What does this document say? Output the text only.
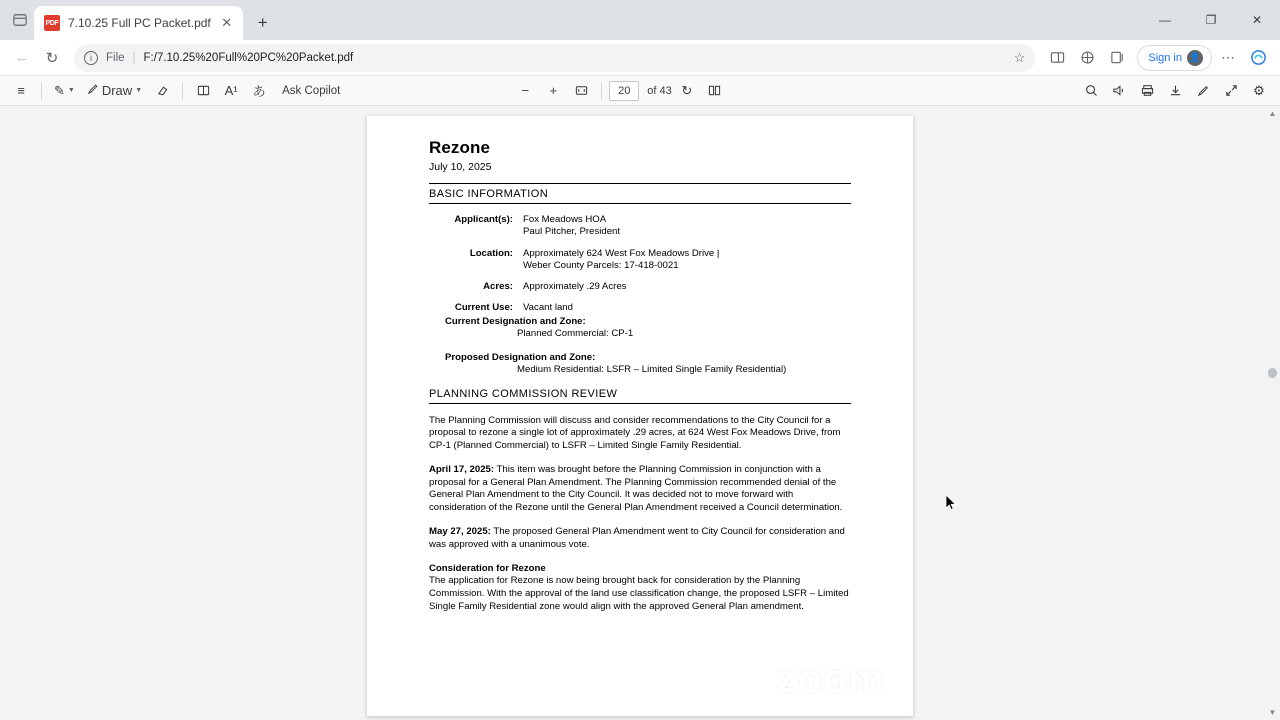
PDF 7.10.25 Full PC Packet.pdf ✕	+	—	❐	✕
←	↻	i	File | F:/7.10.25%20Full%20PC%20Packet.pdf	☆	Sign in 👤	⋯
≡	✎ ▼ Draw ▼	A¹	あ	Ask Copilot	−	+	20	of 43 ↻	⚙
Rezone
July 10, 2025
BASIC INFORMATION
Applicant(s):	Fox Meadows HOA
Paul Pitcher, President
Location:	Approximately 624 West Fox Meadows Drive |
Weber County Parcels: 17-418-0021
Acres:	Approximately .29 Acres
Current Use:	Vacant land
Current Designation and Zone:
Planned Commercial: CP-1
Proposed Designation and Zone:
Medium Residential: LSFR – Limited Single Family Residential)
PLANNING COMMISSION REVIEW
The Planning Commission will discuss and consider recommendations to the City Council for a proposal to rezone a single lot of approximately .29 acres, at 624 West Fox Meadows Drive, from CP-1 (Planned Commercial) to LSFR – Limited Single Family Residential.
April 17, 2025: This item was brought before the Planning Commission in conjunction with a proposal for a General Plan Amendment. The Planning Commission recommended denial of the General Plan Amendment to the City Council. It was decided not to move forward with consideration of the Rezone until the General Plan Amendment received a Council determination.
May 27, 2025: The proposed General Plan Amendment went to City Council for consideration and was approved with a unanimous vote.
Consideration for Rezone
The application for Rezone is now being brought back for consideration by the Planning Commission. With the approval of the land use classification change, the proposed LSFR – Limited Single Family Residential zone would align with the approved General Plan amendment.
zoom
▲
▼
